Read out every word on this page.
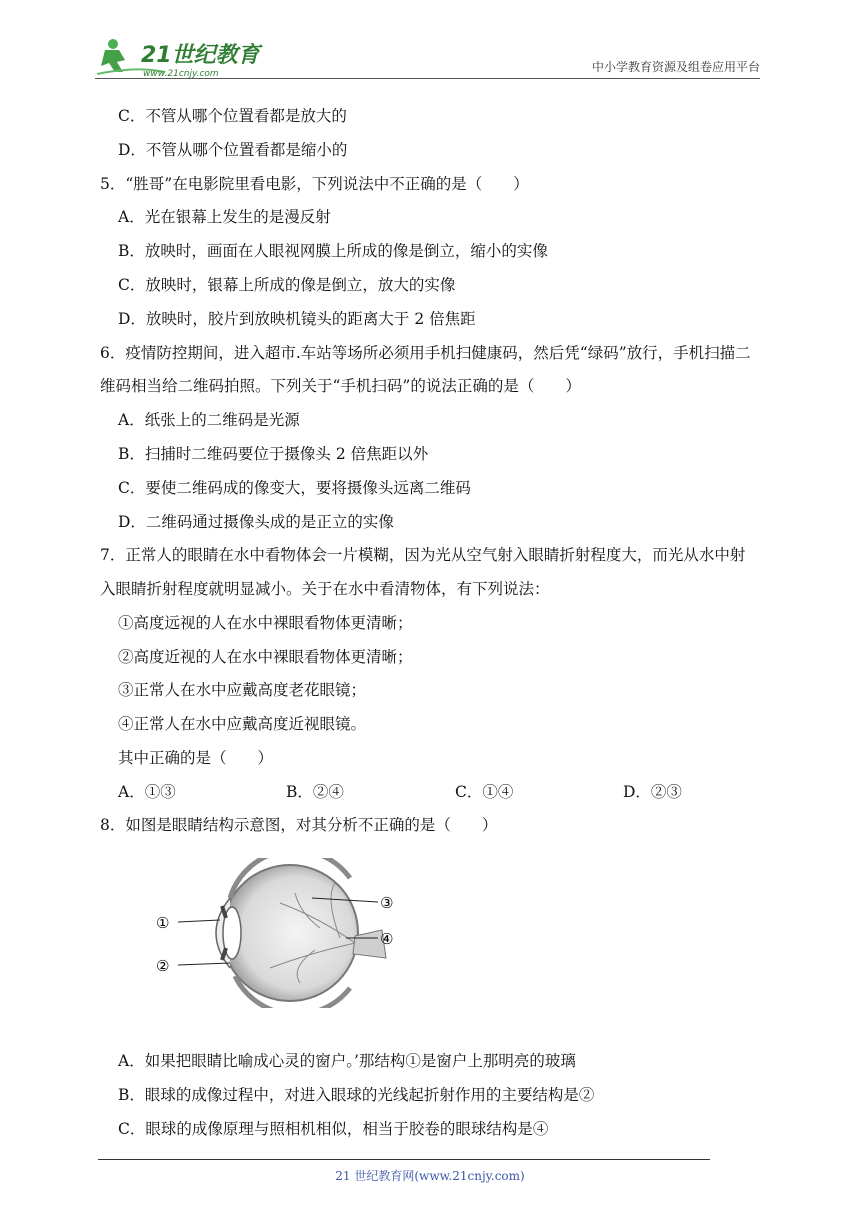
21世纪教育
www.21cnjy.com	中小学教育资源及组卷应用平台
C．不管从哪个位置看都是放大的
D．不管从哪个位置看都是缩小的
5．“胜哥”在电影院里看电影，下列说法中不正确的是（　　）
A．光在银幕上发生的是漫反射
B．放映时，画面在人眼视网膜上所成的像是倒立，缩小的实像
C．放映时，银幕上所成的像是倒立，放大的实像
D．放映时，胶片到放映机镜头的距离大于 2 倍焦距
6．疫情防控期间，进入超市.车站等场所必须用手机扫健康码，然后凭“绿码”放行，手机扫描二
维码相当给二维码拍照。下列关于“手机扫码”的说法正确的是（　　）
A．纸张上的二维码是光源
B．扫捕时二维码要位于摄像头 2 倍焦距以外
C．要使二维码成的像变大，要将摄像头远离二维码
D．二维码通过摄像头成的是正立的实像
7．正常人的眼睛在水中看物体会一片模糊，因为光从空气射入眼睛折射程度大，而光从水中射
入眼睛折射程度就明显减小。关于在水中看清物体，有下列说法：
①高度远视的人在水中裸眼看物体更清晰；
②高度近视的人在水中裸眼看物体更清晰；
③正常人在水中应戴高度老花眼镜；
④正常人在水中应戴高度近视眼镜。
其中正确的是（　　）
A．①③	B．②④	C．①④	D．②③
8．如图是眼睛结构示意图，对其分析不正确的是（　　）
①
②
③
④
A．如果把眼睛比喻成心灵的窗户。’那结构①是窗户上那明亮的玻璃
B．眼球的成像过程中，对进入眼球的光线起折射作用的主要结构是②
C．眼球的成像原理与照相机相似，相当于胶卷的眼球结构是④
21 世纪教育网(www.21cnjy.com)
